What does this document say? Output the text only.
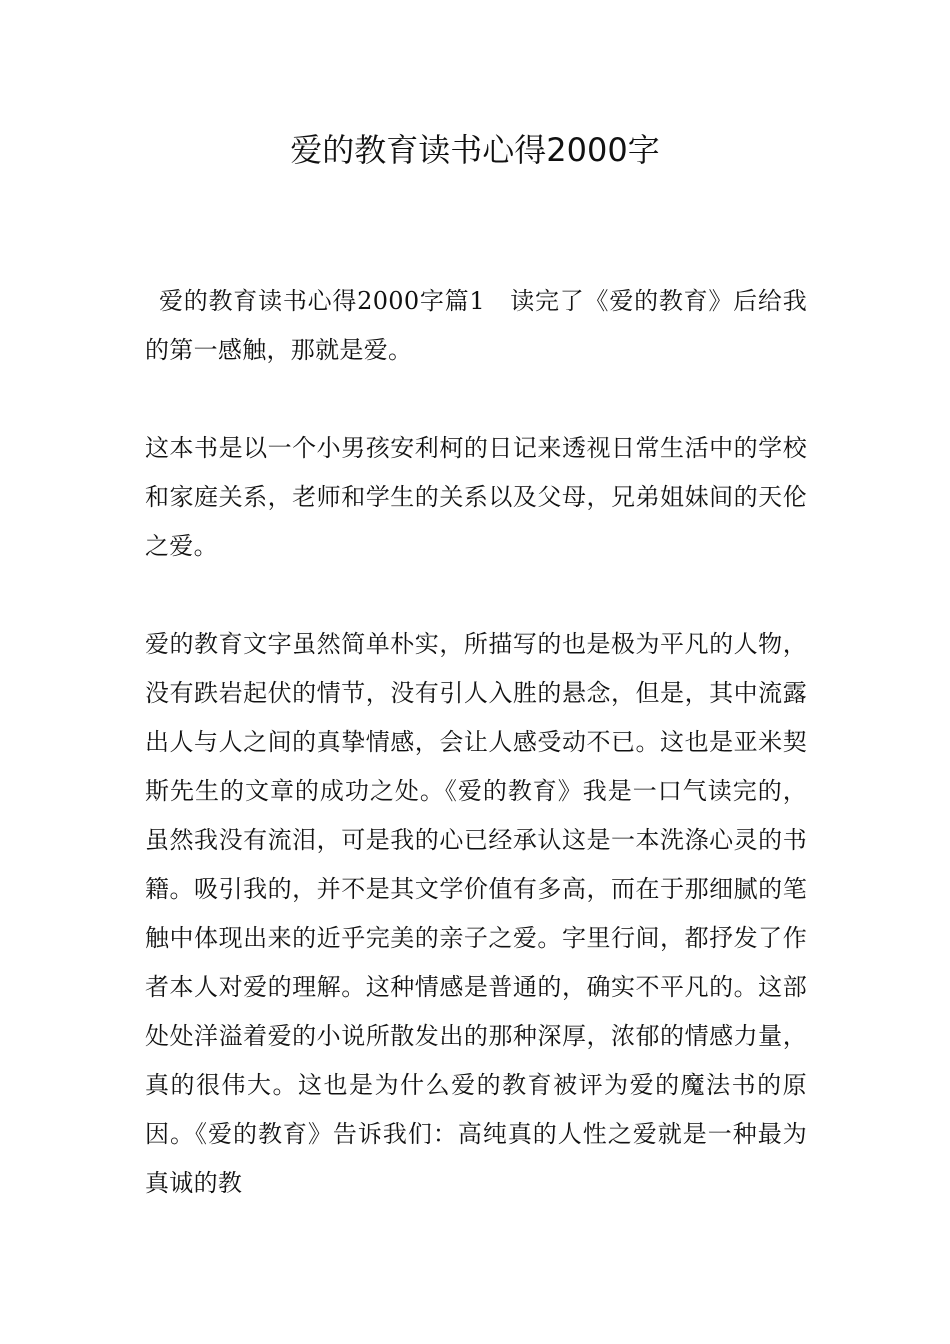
爱的教育读书心得2000字

爱的教育读书心得2000字篇1　读完了《爱的教育》后给我的第一感触，那就是爱。

这本书是以一个小男孩安利柯的日记来透视日常生活中的学校和家庭关系，老师和学生的关系以及父母，兄弟姐妹间的天伦之爱。

爱的教育文字虽然简单朴实，所描写的也是极为平凡的人物，没有跌岩起伏的情节，没有引人入胜的悬念，但是，其中流露出人与人之间的真挚情感，会让人感受动不已。这也是亚米契斯先生的文章的成功之处。《爱的教育》我是一口气读完的，虽然我没有流泪，可是我的心已经承认这是一本洗涤心灵的书籍。吸引我的，并不是其文学价值有多高，而在于那细腻的笔触中体现出来的近乎完美的亲子之爱。字里行间，都抒发了作者本人对爱的理解。这种情感是普通的，确实不平凡的。这部处处洋溢着爱的小说所散发出的那种深厚，浓郁的情感力量，真的很伟大。这也是为什么爱的教育被评为爱的魔法书的原因。《爱的教育》告诉我们：高纯真的人性之爱就是一种最为真诚的教
